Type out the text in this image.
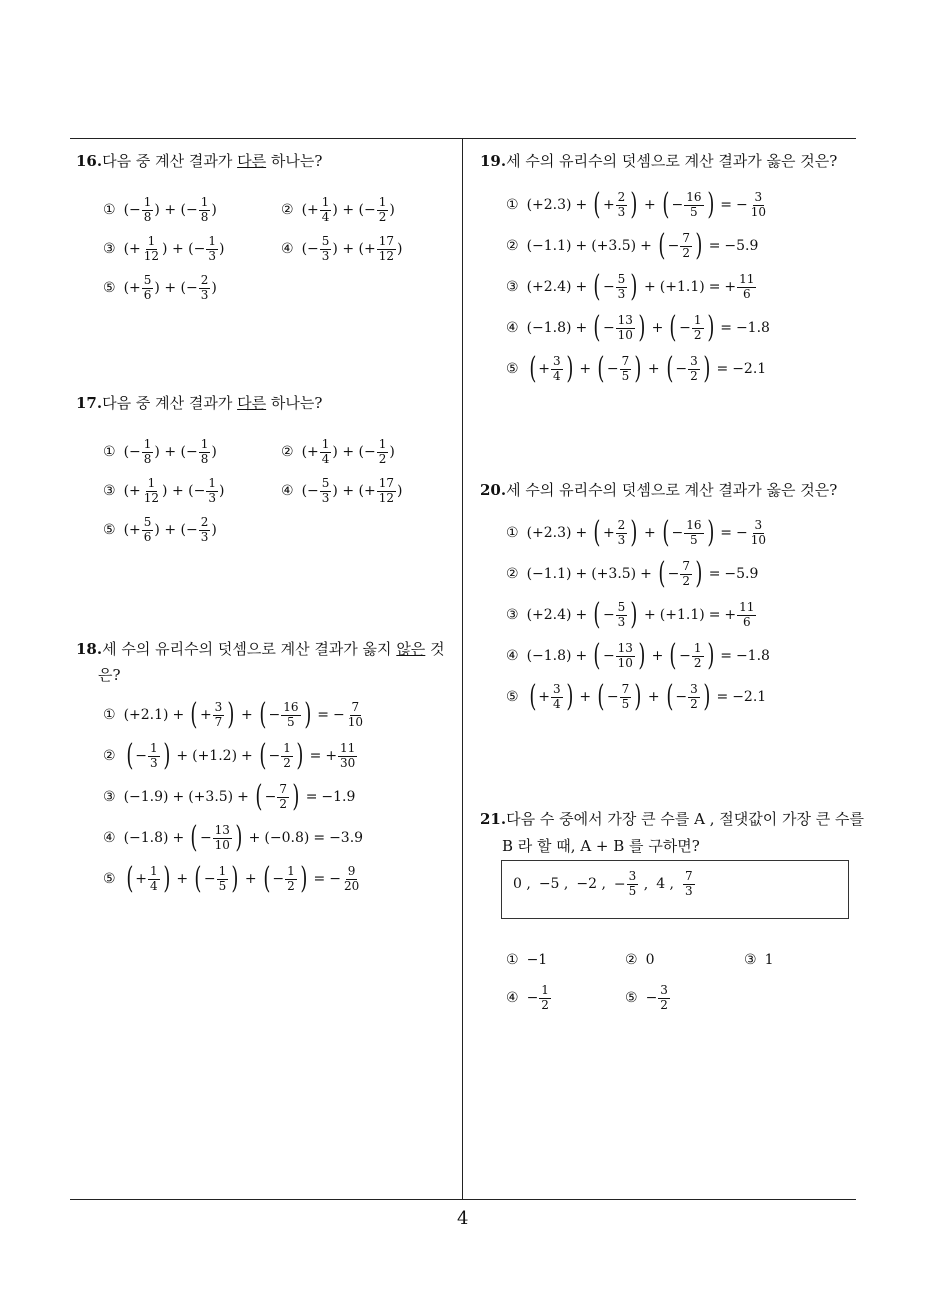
16.다음 중 계산 결과가 다른 하나는?
① (− $\frac{1}{8}$ ) + (− $\frac{1}{8}$ )	② (+ $\frac{1}{4}$ ) + (− $\frac{1}{2}$ )
③ (+ $\frac{1}{12}$ ) + (− $\frac{1}{3}$ )	④ (− $\frac{5}{3}$ ) + (+ $\frac{17}{12}$ )
⑤ (+ $\frac{5}{6}$ ) + (− $\frac{2}{3}$ )
17.다음 중 계산 결과가 다른 하나는?
① (− $\frac{1}{8}$ ) + (− $\frac{1}{8}$ )	② (+ $\frac{1}{4}$ ) + (− $\frac{1}{2}$ )
③ (+ $\frac{1}{12}$ ) + (− $\frac{1}{3}$ )	④ (− $\frac{5}{3}$ ) + (+ $\frac{17}{12}$ )
⑤ (+ $\frac{5}{6}$ ) + (− $\frac{2}{3}$ )
18.세 수의 유리수의 덧셈으로 계산 결과가 옳지 않은 것
은?
① (+2.1) + ( + $\frac{3}{7}$ ) + ( − $\frac{16}{5}$ ) = − $\frac{7}{10}$
② ( − $\frac{1}{3}$ ) + (+1.2) + ( − $\frac{1}{2}$ ) = + $\frac{11}{30}$
③ (−1.9) + (+3.5) + ( − $\frac{7}{2}$ ) = −1.9
④ (−1.8) + ( − $\frac{13}{10}$ ) + (−0.8) = −3.9
⑤ ( + $\frac{1}{4}$ ) + ( − $\frac{1}{5}$ ) + ( − $\frac{1}{2}$ ) = − $\frac{9}{20}$
19.세 수의 유리수의 덧셈으로 계산 결과가 옳은 것은?
① (+2.3) + ( + $\frac{2}{3}$ ) + ( − $\frac{16}{5}$ ) = − $\frac{3}{10}$
② (−1.1) + (+3.5) + ( − $\frac{7}{2}$ ) = −5.9
③ (+2.4) + ( − $\frac{5}{3}$ ) + (+1.1) = + $\frac{11}{6}$
④ (−1.8) + ( − $\frac{13}{10}$ ) + ( − $\frac{1}{2}$ ) = −1.8
⑤ ( + $\frac{3}{4}$ ) + ( − $\frac{7}{5}$ ) + ( − $\frac{3}{2}$ ) = −2.1
20.세 수의 유리수의 덧셈으로 계산 결과가 옳은 것은?
① (+2.3) + ( + $\frac{2}{3}$ ) + ( − $\frac{16}{5}$ ) = − $\frac{3}{10}$
② (−1.1) + (+3.5) + ( − $\frac{7}{2}$ ) = −5.9
③ (+2.4) + ( − $\frac{5}{3}$ ) + (+1.1) = + $\frac{11}{6}$
④ (−1.8) + ( − $\frac{13}{10}$ ) + ( − $\frac{1}{2}$ ) = −1.8
⑤ ( + $\frac{3}{4}$ ) + ( − $\frac{7}{5}$ ) + ( − $\frac{3}{2}$ ) = −2.1
21.다음 수 중에서 가장 큰 수를 A , 절댓값이 가장 큰 수를
B 라 할 때, A + B 를 구하면?
0 , −5 , −2 , − $\frac{3}{5}$ , 4 , $\frac{7}{3}$
① −1	② 0	③ 1
④ − $\frac{1}{2}$	⑤ − $\frac{3}{2}$
4
